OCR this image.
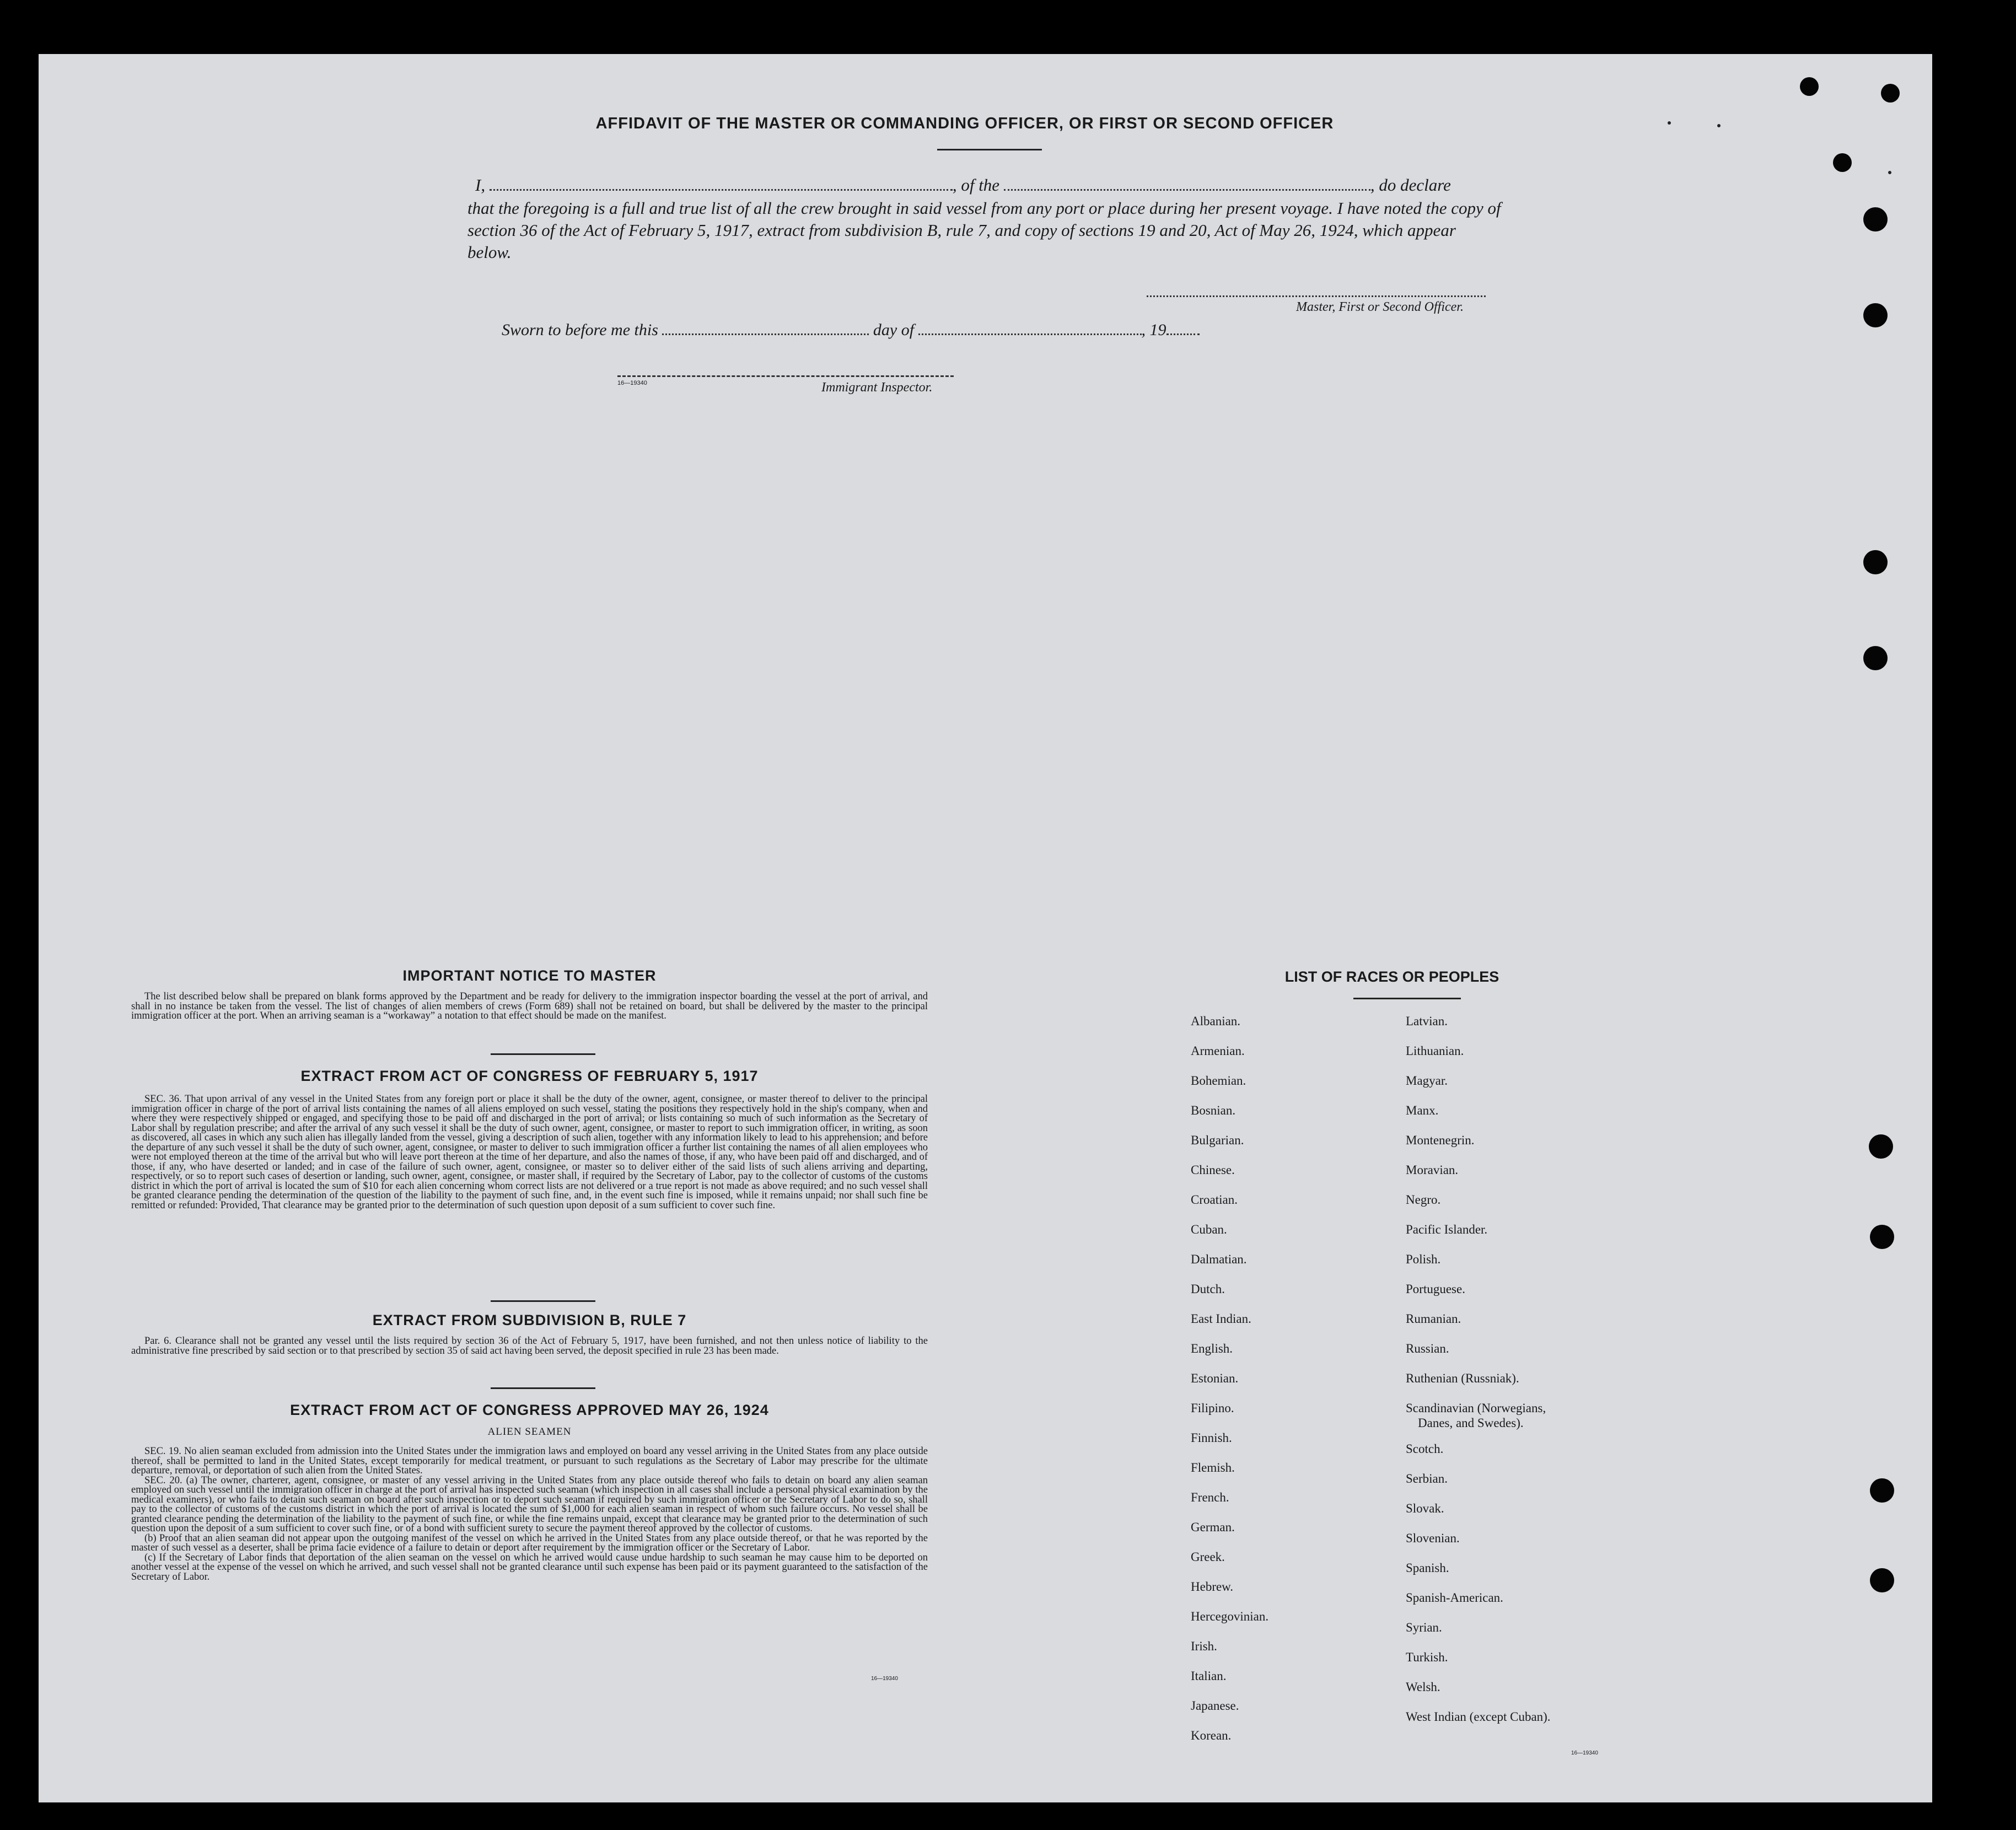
AFFIDAVIT OF THE MASTER OR COMMANDING OFFICER, OR FIRST OR SECOND OFFICER
I,	, of the	, do declare
that the foregoing is a full and true list of all the crew brought in said vessel from any port or place during her present voyage. I have noted the copy of section 36 of the Act of February 5, 1917, extract from subdivision B, rule 7, and copy of sections 19 and 20, Act of May 26, 1924, which appear below.
Master, First or Second Officer.
Sworn to before me this	day of	, 19
16—19340	Immigrant Inspector.
IMPORTANT NOTICE TO MASTER

The list described below shall be prepared on blank forms approved by the Department and be ready for delivery to the immigration inspector boarding the vessel at the port of arrival, and shall in no instance be taken from the vessel. The list of changes of alien members of crews (Form 689) shall not be retained on board, but shall be delivered by the master to the principal immigration officer at the port. When an arriving seaman is a “workaway” a notation to that effect should be made on the manifest.

EXTRACT FROM ACT OF CONGRESS OF FEBRUARY 5, 1917

SEC. 36. That upon arrival of any vessel in the United States from any foreign port or place it shall be the duty of the owner, agent, consignee, or master thereof to deliver to the principal immigration officer in charge of the port of arrival lists containing the names of all aliens employed on such vessel, stating the positions they respectively hold in the ship's company, when and where they were respectively shipped or engaged, and specifying those to be paid off and discharged in the port of arrival; or lists containing so much of such information as the Secretary of Labor shall by regulation prescribe; and after the arrival of any such vessel it shall be the duty of such owner, agent, consignee, or master to report to such immigration officer, in writing, as soon as discovered, all cases in which any such alien has illegally landed from the vessel, giving a description of such alien, together with any information likely to lead to his apprehension; and before the departure of any such vessel it shall be the duty of such owner, agent, consignee, or master to deliver to such immigration officer a further list containing the names of all alien employees who were not employed thereon at the time of the arrival but who will leave port thereon at the time of her departure, and also the names of those, if any, who have been paid off and discharged, and of those, if any, who have deserted or landed; and in case of the failure of such owner, agent, consignee, or master so to deliver either of the said lists of such aliens arriving and departing, respectively, or so to report such cases of desertion or landing, such owner, agent, consignee, or master shall, if required by the Secretary of Labor, pay to the collector of customs of the customs district in which the port of arrival is located the sum of $10 for each alien concerning whom correct lists are not delivered or a true report is not made as above required; and no such vessel shall be granted clearance pending the determination of the question of the liability to the payment of such fine, and, in the event such fine is imposed, while it remains unpaid; nor shall such fine be remitted or refunded: Provided, That clearance may be granted prior to the determination of such question upon deposit of a sum sufficient to cover such fine.

EXTRACT FROM SUBDIVISION B, RULE 7

Par. 6. Clearance shall not be granted any vessel until the lists required by section 36 of the Act of February 5, 1917, have been furnished, and not then unless notice of liability to the administrative fine prescribed by said section or to that prescribed by section 35 of said act having been served, the deposit specified in rule 23 has been made.

EXTRACT FROM ACT OF CONGRESS APPROVED MAY 26, 1924
ALIEN SEAMEN

SEC. 19. No alien seaman excluded from admission into the United States under the immigration laws and employed on board any vessel arriving in the United States from any place outside thereof, shall be permitted to land in the United States, except temporarily for medical treatment, or pursuant to such regulations as the Secretary of Labor may prescribe for the ultimate departure, removal, or deportation of such alien from the United States.

SEC. 20. (a) The owner, charterer, agent, consignee, or master of any vessel arriving in the United States from any place outside thereof who fails to detain on board any alien seaman employed on such vessel until the immigration officer in charge at the port of arrival has inspected such seaman (which inspection in all cases shall include a personal physical examination by the medical examiners), or who fails to detain such seaman on board after such inspection or to deport such seaman if required by such immigration officer or the Secretary of Labor to do so, shall pay to the collector of customs of the customs district in which the port of arrival is located the sum of $1,000 for each alien seaman in respect of whom such failure occurs. No vessel shall be granted clearance pending the determination of the liability to the payment of such fine, or while the fine remains unpaid, except that clearance may be granted prior to the determination of such question upon the deposit of a sum sufficient to cover such fine, or of a bond with sufficient surety to secure the payment thereof approved by the collector of customs.

(b) Proof that an alien seaman did not appear upon the outgoing manifest of the vessel on which he arrived in the United States from any place outside thereof, or that he was reported by the master of such vessel as a deserter, shall be prima facie evidence of a failure to detain or deport after requirement by the immigration officer or the Secretary of Labor.

(c) If the Secretary of Labor finds that deportation of the alien seaman on the vessel on which he arrived would cause undue hardship to such seaman he may cause him to be deported on another vessel at the expense of the vessel on which he arrived, and such vessel shall not be granted clearance until such expense has been paid or its payment guaranteed to the satisfaction of the Secretary of Labor.

16—19340
LIST OF RACES OR PEOPLES
Albanian.
Armenian.
Bohemian.
Bosnian.
Bulgarian.
Chinese.
Croatian.
Cuban.
Dalmatian.
Dutch.
East Indian.
English.
Estonian.
Filipino.
Finnish.
Flemish.
French.
German.
Greek.
Hebrew.
Hercegovinian.
Irish.
Italian.
Japanese.
Korean.
Latvian.
Lithuanian.
Magyar.
Manx.
Montenegrin.
Moravian.
Negro.
Pacific Islander.
Polish.
Portuguese.
Rumanian.
Russian.
Ruthenian (Russniak).
Scandinavian (Norwegians,
Danes, and Swedes).
Scotch.
Serbian.
Slovak.
Slovenian.
Spanish.
Spanish-American.
Syrian.
Turkish.
Welsh.
West Indian (except Cuban).
16—19340
